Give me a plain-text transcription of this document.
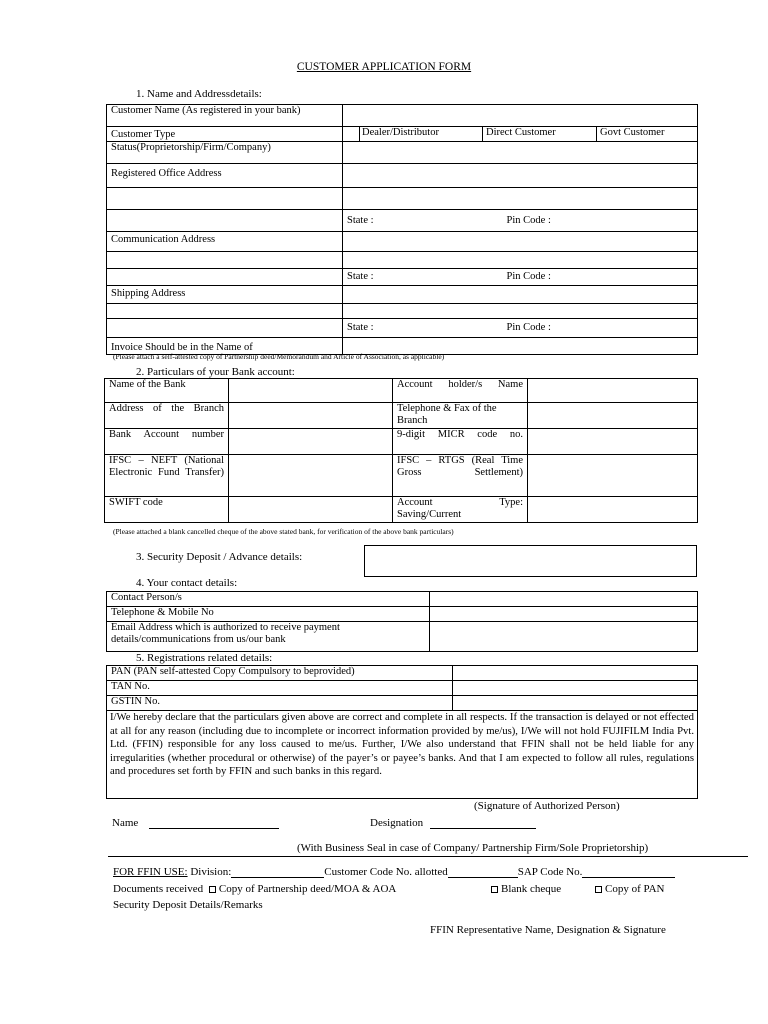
CUSTOMER APPLICATION FORM
1. Name and Addressdetails:
Customer Name (As registered in your bank)	
Customer Type	Dealer/Distributor Direct Customer Govt Customer

Status(Proprietorship/Firm/Company)	
Registered Office Address	

	State : Pin Code :
Communication Address	

	State : Pin Code :
Shipping Address	

	State : Pin Code :
Invoice Should be in the Name of	
(Please attach a self-attested copy of Partnership deed/Memorandum and Article of Association, as applicable)
2. Particulars of your Bank account:
Name of the Bank		Account holder/s Name	
Address of the Branch		Telephone & Fax of the Branch	
Bank Account number		9-digit MICR code no.	
IFSC – NEFT (National Electronic Fund Transfer)		IFSC – RTGS (Real Time Gross Settlement)	
SWIFT code		Account Type: Saving/Current	
(Please attached a blank cancelled cheque of the above stated bank, for verification of the above bank particulars)
3. Security Deposit / Advance details:
4. Your contact details:
Contact Person/s	
Telephone & Mobile No	
Email Address which is authorized to receive payment details/communications from us/our bank	
5. Registrations related details:
PAN (PAN self-attested Copy Compulsory to beprovided)	
TAN No.	
GSTIN No.	
I/We hereby declare that the particulars given above are correct and complete in all respects. If the transaction is delayed or not effected at all for any reason (including due to incomplete or incorrect information provided by me/us), I/We will not hold FUJIFILM India Pvt. Ltd. (FFIN) responsible for any loss caused to me/us. Further, I/We also understand that FFIN shall not be held liable for any irregularities (whether procedural or otherwise) of the payer’s or payee’s banks. And that I am expected to follow all rules, regulations and procedures set forth by FFIN and such banks in this regard.	
(Signature of Authorized Person)
Name	Designation
(With Business Seal in case of Company/ Partnership Firm/Sole Proprietorship)
FOR FFIN USE: Division:	Customer Code No. allotted	SAP Code No.
Documents received Copy of Partnership deed/MOA & AOA	Blank cheque	Copy of PAN
Security Deposit Details/Remarks
FFIN Representative Name, Designation & Signature
